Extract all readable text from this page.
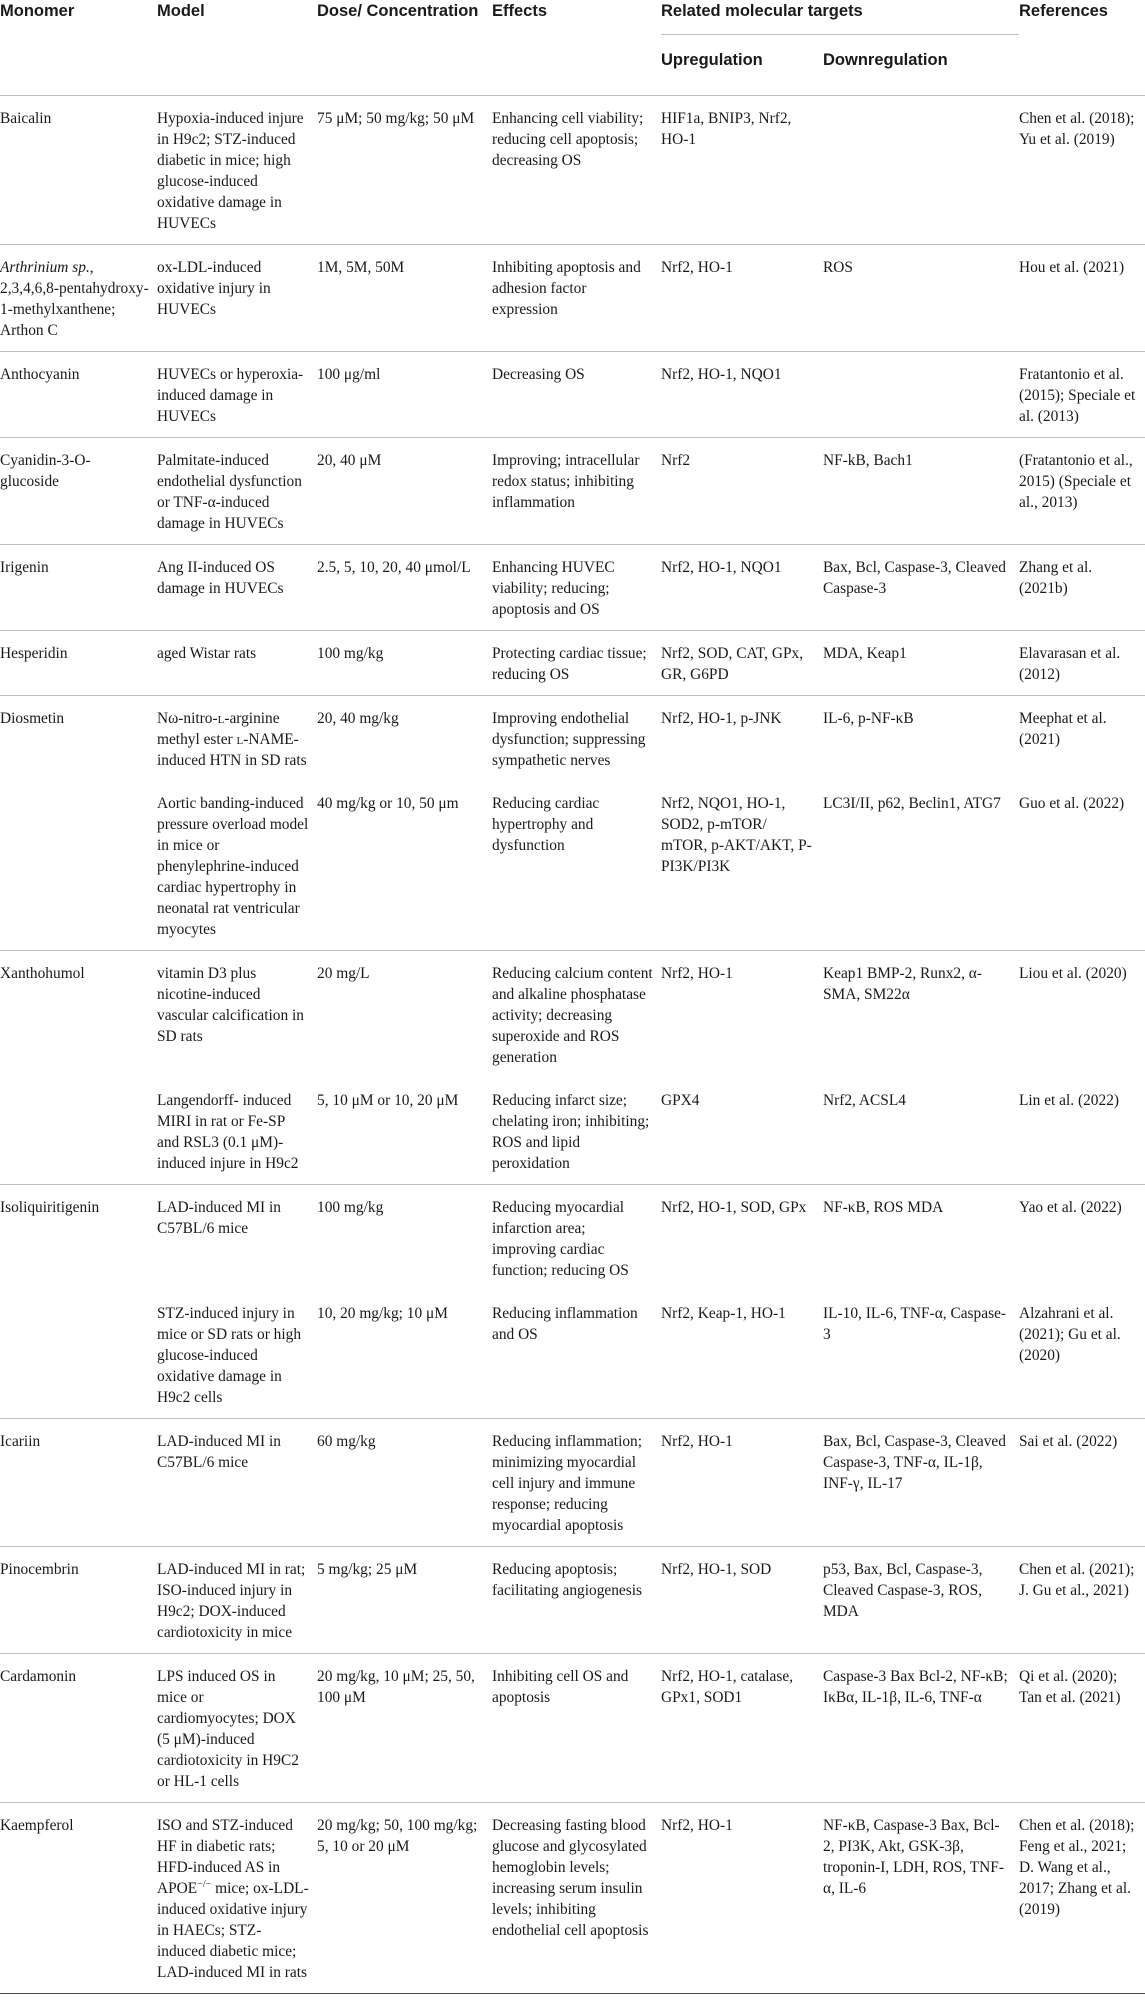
Monomer	Model	Dose/ Concentration	Effects	Related molecular targets		References
				Upregulation	Downregulation	
Baicalin	Hypoxia-induced injure in H9c2; STZ-induced diabetic in mice; high glucose-induced oxidative damage in HUVECs	75 μM; 50 mg/kg; 50 μM	Enhancing cell viability; reducing cell apoptosis; decreasing OS	HIF1a, BNIP3, Nrf2, HO-1		Chen et al. (2018); Yu et al. (2019)
Arthrinium sp., 2,3,4,6,8-pentahydroxy-1-methylxanthene; Arthon C	ox-LDL-induced oxidative injury in HUVECs	1M, 5M, 50M	Inhibiting apoptosis and adhesion factor expression	Nrf2, HO-1	ROS	Hou et al. (2021)
Anthocyanin	HUVECs or hyperoxia-induced damage in HUVECs	100 μg/ml	Decreasing OS	Nrf2, HO-1, NQO1		Fratantonio et al. (2015); Speciale et al. (2013)
Cyanidin-3-O-glucoside	Palmitate-induced endothelial dysfunction or TNF-α-induced damage in HUVECs	20, 40 μM	Improving; intracellular redox status; inhibiting inflammation	Nrf2	NF-kB, Bach1	(Fratantonio et al., 2015) (Speciale et al., 2013)
Irigenin	Ang II-induced OS damage in HUVECs	2.5, 5, 10, 20, 40 μmol/L	Enhancing HUVEC viability; reducing; apoptosis and OS	Nrf2, HO-1, NQO1	Bax, Bcl, Caspase-3, Cleaved Caspase-3	Zhang et al. (2021b)
Hesperidin	aged Wistar rats	100 mg/kg	Protecting cardiac tissue; reducing OS	Nrf2, SOD, CAT, GPx, GR, G6PD	MDA, Keap1	Elavarasan et al. (2012)
Diosmetin	Nω-nitro-l-arginine methyl ester l-NAME-induced HTN in SD rats	20, 40 mg/kg	Improving endothelial dysfunction; suppressing sympathetic nerves	Nrf2, HO-1, p-JNK	IL-6, p-NF-κB	Meephat et al. (2021)
	Aortic banding-induced pressure overload model in mice or phenylephrine-induced cardiac hypertrophy in neonatal rat ventricular myocytes	40 mg/kg or 10, 50 μm	Reducing cardiac hypertrophy and dysfunction	Nrf2, NQO1, HO-1, SOD2, p-mTOR/ mTOR, p-AKT/AKT, P-PI3K/PI3K	LC3I/II, p62, Beclin1, ATG7	Guo et al. (2022)
Xanthohumol	vitamin D3 plus nicotine-induced vascular calcification in SD rats	20 mg/L	Reducing calcium content and alkaline phosphatase activity; decreasing superoxide and ROS generation	Nrf2, HO-1	Keap1 BMP-2, Runx2, α-SMA, SM22α	Liou et al. (2020)
	Langendorff- induced MIRI in rat or Fe-SP and RSL3 (0.1 μM)-induced injure in H9c2	5, 10 μM or 10, 20 μM	Reducing infarct size; chelating iron; inhibiting; ROS and lipid peroxidation	GPX4	Nrf2, ACSL4	Lin et al. (2022)
Isoliquiritigenin	LAD-induced MI in C57BL/6 mice	100 mg/kg	Reducing myocardial infarction area; improving cardiac function; reducing OS	Nrf2, HO-1, SOD, GPx	NF-κB, ROS MDA	Yao et al. (2022)
	STZ-induced injury in mice or SD rats or high glucose-induced oxidative damage in H9c2 cells	10, 20 mg/kg; 10 μM	Reducing inflammation and OS	Nrf2, Keap-1, HO-1	IL-10, IL-6, TNF-α, Caspase-3	Alzahrani et al. (2021); Gu et al. (2020)
Icariin	LAD-induced MI in C57BL/6 mice	60 mg/kg	Reducing inflammation; minimizing myocardial cell injury and immune response; reducing myocardial apoptosis	Nrf2, HO-1	Bax, Bcl, Caspase-3, Cleaved Caspase-3, TNF-α, IL-1β, INF-γ, IL-17	Sai et al. (2022)
Pinocembrin	LAD-induced MI in rat; ISO-induced injury in H9c2; DOX-induced cardiotoxicity in mice	5 mg/kg; 25 μM	Reducing apoptosis; facilitating angiogenesis	Nrf2, HO-1, SOD	p53, Bax, Bcl, Caspase-3, Cleaved Caspase-3, ROS, MDA	Chen et al. (2021); J. Gu et al., 2021)
Cardamonin	LPS induced OS in mice or cardiomyocytes; DOX (5 μM)-induced cardiotoxicity in H9C2 or HL-1 cells	20 mg/kg, 10 μM; 25, 50, 100 μM	Inhibiting cell OS and apoptosis	Nrf2, HO-1, catalase, GPx1, SOD1	Caspase-3 Bax Bcl-2, NF-κB; IκBα, IL-1β, IL-6, TNF-α	Qi et al. (2020); Tan et al. (2021)
Kaempferol	ISO and STZ-induced HF in diabetic rats; HFD-induced AS in APOE−/− mice; ox-LDL-induced oxidative injury in HAECs; STZ-induced diabetic mice; LAD-induced MI in rats	20 mg/kg; 50, 100 mg/kg; 5, 10 or 20 μM	Decreasing fasting blood glucose and glycosylated hemoglobin levels; increasing serum insulin levels; inhibiting endothelial cell apoptosis	Nrf2, HO-1	NF-κB, Caspase-3 Bax, Bcl-2, PI3K, Akt, GSK-3β, troponin-I, LDH, ROS, TNF-α, IL-6	Chen et al. (2018); Feng et al., 2021; D. Wang et al., 2017; Zhang et al. (2019)
